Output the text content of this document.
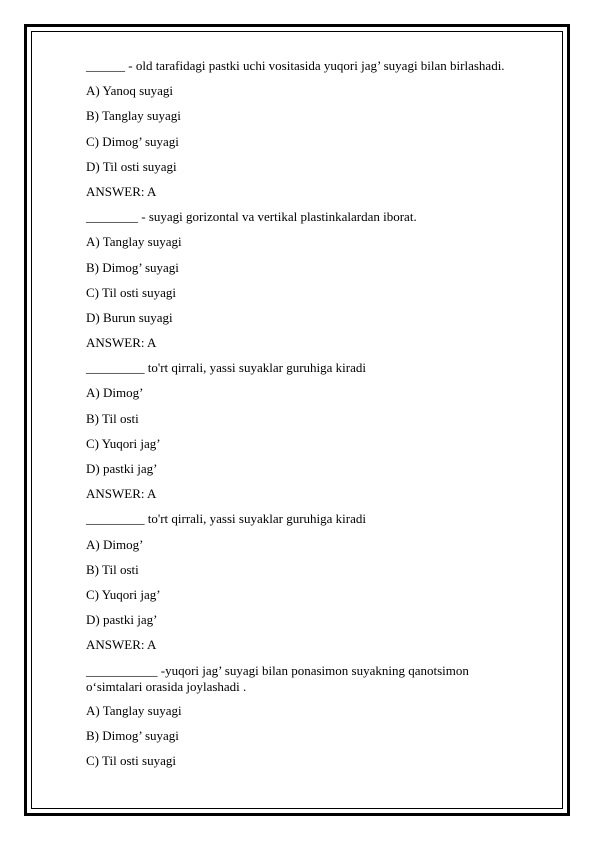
______ - old tarafidagi pastki uchi vositasida yuqori jag’ suyagi bilan birlashadi.
A) Yanoq suyagi
B) Tanglay suyagi
C) Dimog’ suyagi
D) Til osti suyagi
ANSWER: A
________ - suyagi gorizontal va vertikal plastinkalardan iborat.
A) Tanglay suyagi
B) Dimog’ suyagi
C) Til osti suyagi
D) Burun suyagi
ANSWER: A
_________ to'rt qirrali, yassi suyaklar guruhiga kiradi
A) Dimog’
B) Til osti
C) Yuqori jag’
D) pastki jag’
ANSWER: A
_________ to'rt qirrali, yassi suyaklar guruhiga kiradi
A) Dimog’
B) Til osti
C) Yuqori jag’
D) pastki jag’
ANSWER: A
___________ -yuqori jag’ suyagi bilan ponasimon suyakning qanotsimon o‘simtalari orasida joylashadi .
A) Tanglay suyagi
B) Dimog’ suyagi
C) Til osti suyagi
